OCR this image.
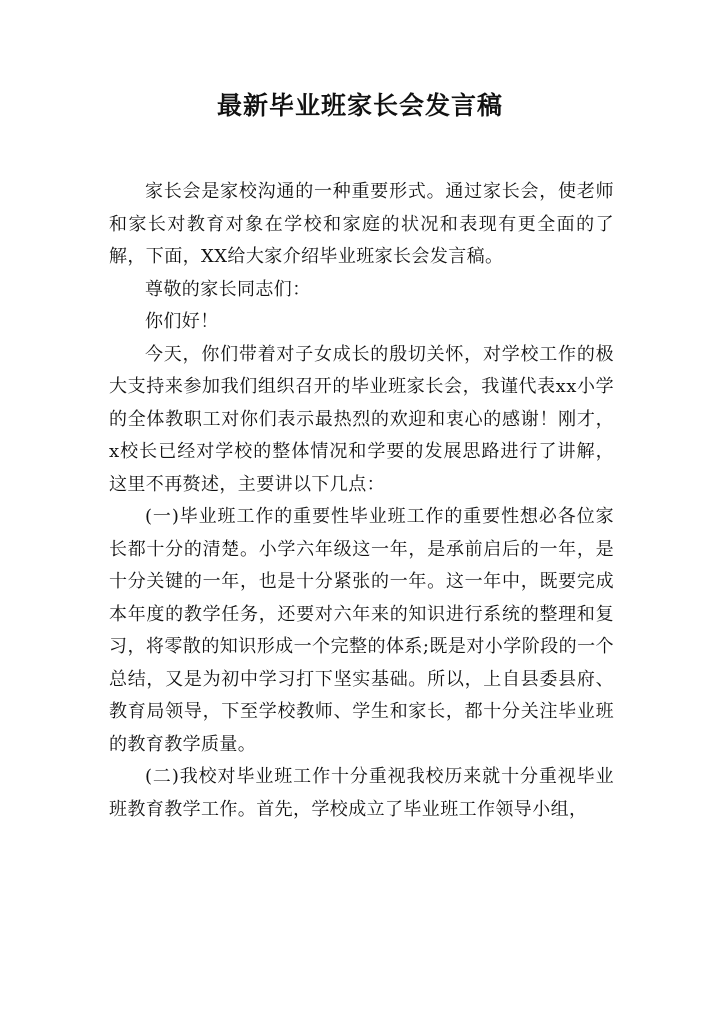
最新毕业班家长会发言稿

家长会是家校沟通的一种重要形式。通过家长会，使老师和家长对教育对象在学校和家庭的状况和表现有更全面的了解，下面，XX给大家介绍毕业班家长会发言稿。

尊敬的家长同志们：

你们好！

今天，你们带着对子女成长的殷切关怀，对学校工作的极大支持来参加我们组织召开的毕业班家长会，我谨代表xx小学的全体教职工对你们表示最热烈的欢迎和衷心的感谢！刚才，x校长已经对学校的整体情况和学要的发展思路进行了讲解，这里不再赘述，主要讲以下几点：

(一)毕业班工作的重要性毕业班工作的重要性想必各位家长都十分的清楚。小学六年级这一年，是承前启后的一年，是十分关键的一年，也是十分紧张的一年。这一年中，既要完成本年度的教学任务，还要对六年来的知识进行系统的整理和复习，将零散的知识形成一个完整的体系;既是对小学阶段的一个总结，又是为初中学习打下坚实基础。所以，上自县委县府、教育局领导，下至学校教师、学生和家长，都十分关注毕业班的教育教学质量。

(二)我校对毕业班工作十分重视我校历来就十分重视毕业班教育教学工作。首先，学校成立了毕业班工作领导小组，
